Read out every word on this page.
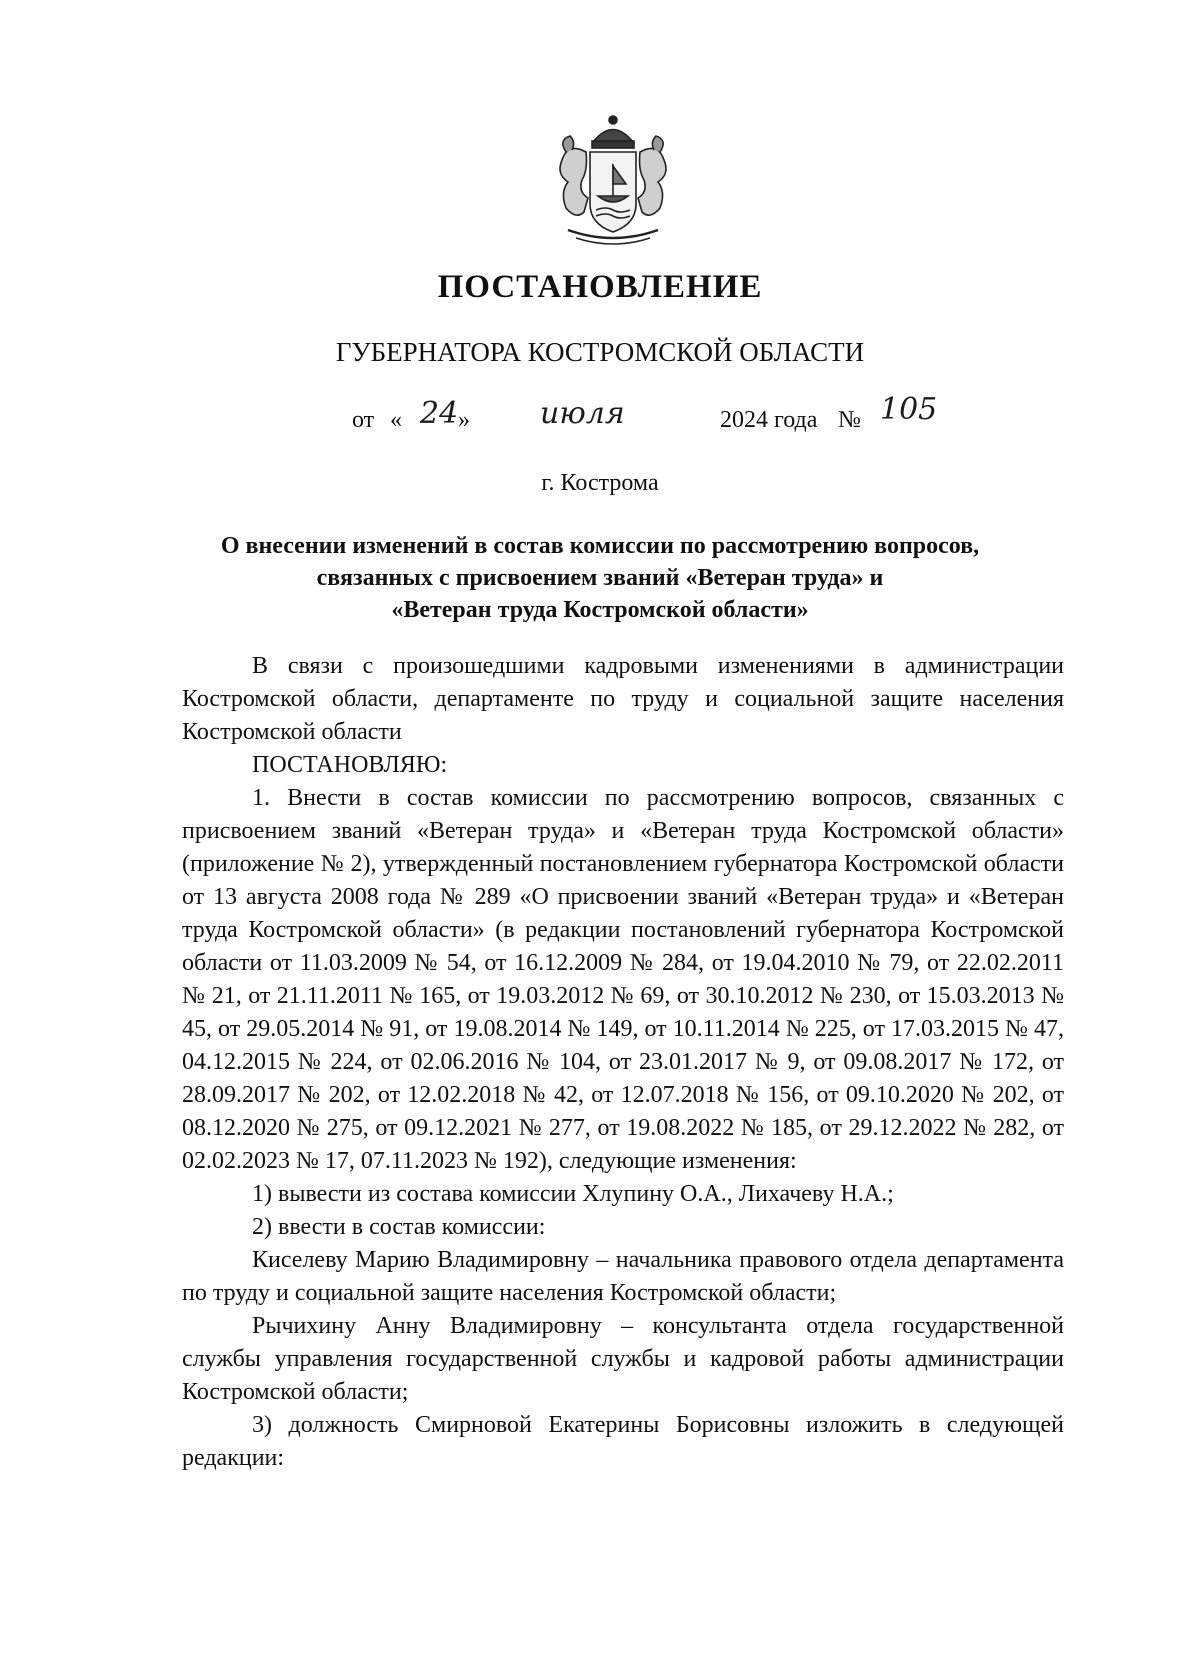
ПОСТАНОВЛЕНИЕ
ГУБЕРНАТОРА КОСТРОМСКОЙ ОБЛАСТИ
от « 24 » июля	2024 года № 105
г. Кострома
О внесении изменений в состав комиссии по рассмотрению вопросов,
связанных с присвоением званий «Ветеран труда» и
«Ветеран труда Костромской области»

В связи с произошедшими кадровыми изменениями в администрации Костромской области, департаменте по труду и социальной защите населения Костромской области

ПОСТАНОВЛЯЮ:

1. Внести в состав комиссии по рассмотрению вопросов, связанных с присвоением званий «Ветеран труда» и «Ветеран труда Костромской области» (приложение № 2), утвержденный постановлением губернатора Костромской области от 13 августа 2008 года № 289 «О присвоении званий «Ветеран труда» и «Ветеран труда Костромской области» (в редакции постановлений губернатора Костромской области от 11.03.2009 № 54, от 16.12.2009 № 284, от 19.04.2010 № 79, от 22.02.2011 № 21, от 21.11.2011 № 165, от 19.03.2012 № 69, от 30.10.2012 № 230, от 15.03.2013 № 45, от 29.05.2014 № 91, от 19.08.2014 № 149, от 10.11.2014 № 225, от 17.03.2015 № 47, 04.12.2015 № 224, от 02.06.2016 № 104, от 23.01.2017 № 9, от 09.08.2017 № 172, от 28.09.2017 № 202, от 12.02.2018 № 42, от 12.07.2018 № 156, от 09.10.2020 № 202, от 08.12.2020 № 275, от 09.12.2021 № 277, от 19.08.2022 № 185, от 29.12.2022 № 282, от 02.02.2023 № 17, 07.11.2023 № 192), следующие изменения:

1) вывести из состава комиссии Хлупину О.А., Лихачеву Н.А.;

2) ввести в состав комиссии:

Киселеву Марию Владимировну – начальника правового отдела департамента по труду и социальной защите населения Костромской области;

Рычихину Анну Владимировну – консультанта отдела государственной службы управления государственной службы и кадровой работы администрации Костромской области;

3) должность Смирновой Екатерины Борисовны изложить в следующей редакции:
